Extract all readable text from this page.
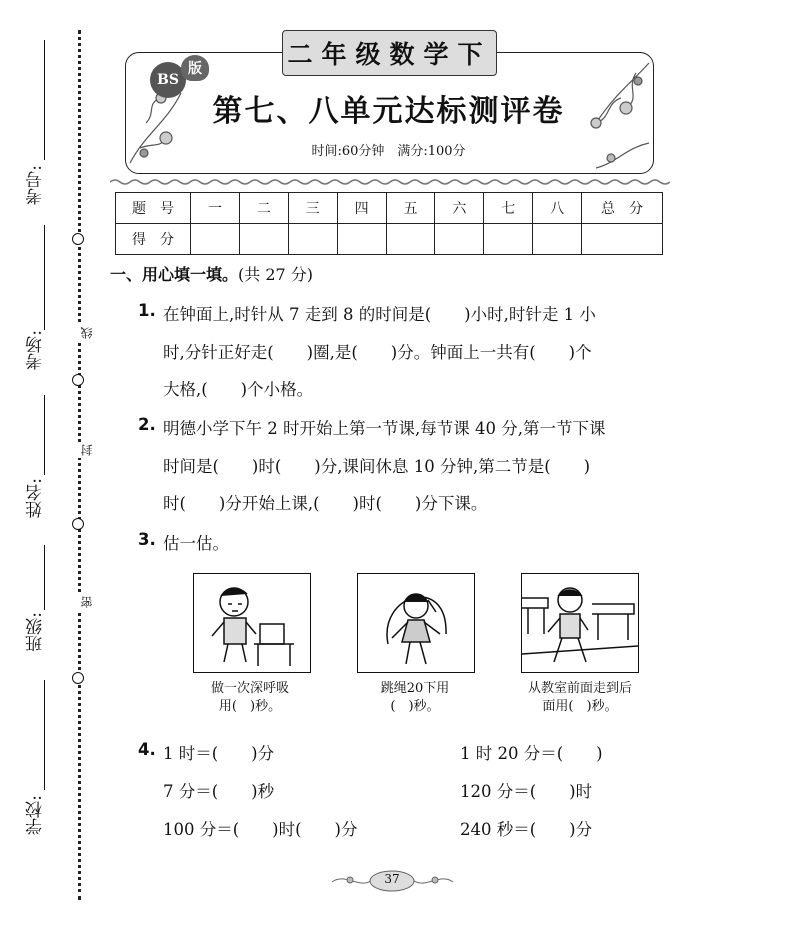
线
封
密
考号:
考场:
姓名:
班级:
学校:
二年级数学下
BS
版
第七、八单元达标测评卷
时间:60分钟　满分:100分
题　号	一	二	三	四	五	六	七	八	总　分
得　分									
一、用心填一填。(共 27 分)
1. 在钟面上,时针从 7 走到 8 的时间是(　　)小时,时针走 1 小
时,分针正好走(　　)圈,是(　　)分。钟面上一共有(　　)个
大格,(　　)个小格。
2. 明德小学下午 2 时开始上第一节课,每节课 40 分,第一节下课
时间是(　　)时(　　)分,课间休息 10 分钟,第二节是(　　)
时(　　)分开始上课,(　　)时(　　)分下课。
3. 估一估。
做一次深呼吸
用(　)秒。
跳绳20下用
(　)秒。
从教室前面走到后
面用(　)秒。
4. 1 时＝(　　)分	1 时 20 分＝(　　)
7 分＝(　　)秒	120 分＝(　　)时
100 分＝(　　)时(　　)分	240 秒＝(　　)分
37
